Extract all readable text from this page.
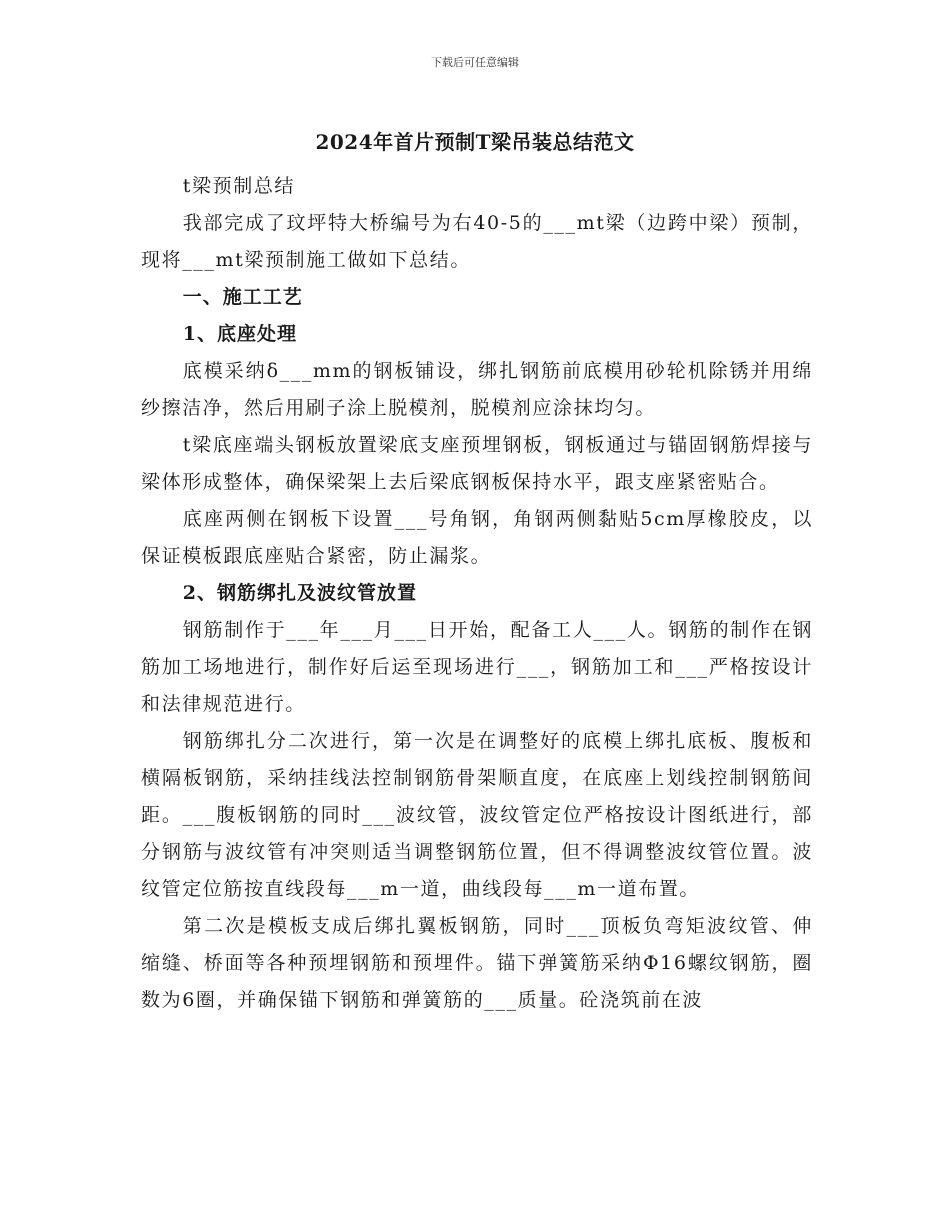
下载后可任意编辑
2024年首片预制T梁吊装总结范文

t梁预制总结

我部完成了玟坪特大桥编号为右40-5的___mt梁（边跨中梁）预制，现将___mt梁预制施工做如下总结。

一、施工工艺

1、底座处理

底模采纳δ___mm的钢板铺设，绑扎钢筋前底模用砂轮机除锈并用绵纱擦洁净，然后用刷子涂上脱模剂，脱模剂应涂抹均匀。

t梁底座端头钢板放置梁底支座预埋钢板，钢板通过与锚固钢筋焊接与梁体形成整体，确保梁架上去后梁底钢板保持水平，跟支座紧密贴合。

底座两侧在钢板下设置___号角钢，角钢两侧黏贴5cm厚橡胶皮，以保证模板跟底座贴合紧密，防止漏浆。

2、钢筋绑扎及波纹管放置

钢筋制作于___年___月___日开始，配备工人___人。钢筋的制作在钢筋加工场地进行，制作好后运至现场进行___，钢筋加工和___严格按设计和法律规范进行。

钢筋绑扎分二次进行，第一次是在调整好的底模上绑扎底板、腹板和横隔板钢筋，采纳挂线法控制钢筋骨架顺直度，在底座上划线控制钢筋间距。___腹板钢筋的同时___波纹管，波纹管定位严格按设计图纸进行，部分钢筋与波纹管有冲突则适当调整钢筋位置，但不得调整波纹管位置。波纹管定位筋按直线段每___m一道，曲线段每___m一道布置。

第二次是模板支成后绑扎翼板钢筋，同时___顶板负弯矩波纹管、伸缩缝、桥面等各种预埋钢筋和预埋件。锚下弹簧筋采纳Φ16螺纹钢筋，圈数为6圈，并确保锚下钢筋和弹簧筋的___质量。砼浇筑前在波
